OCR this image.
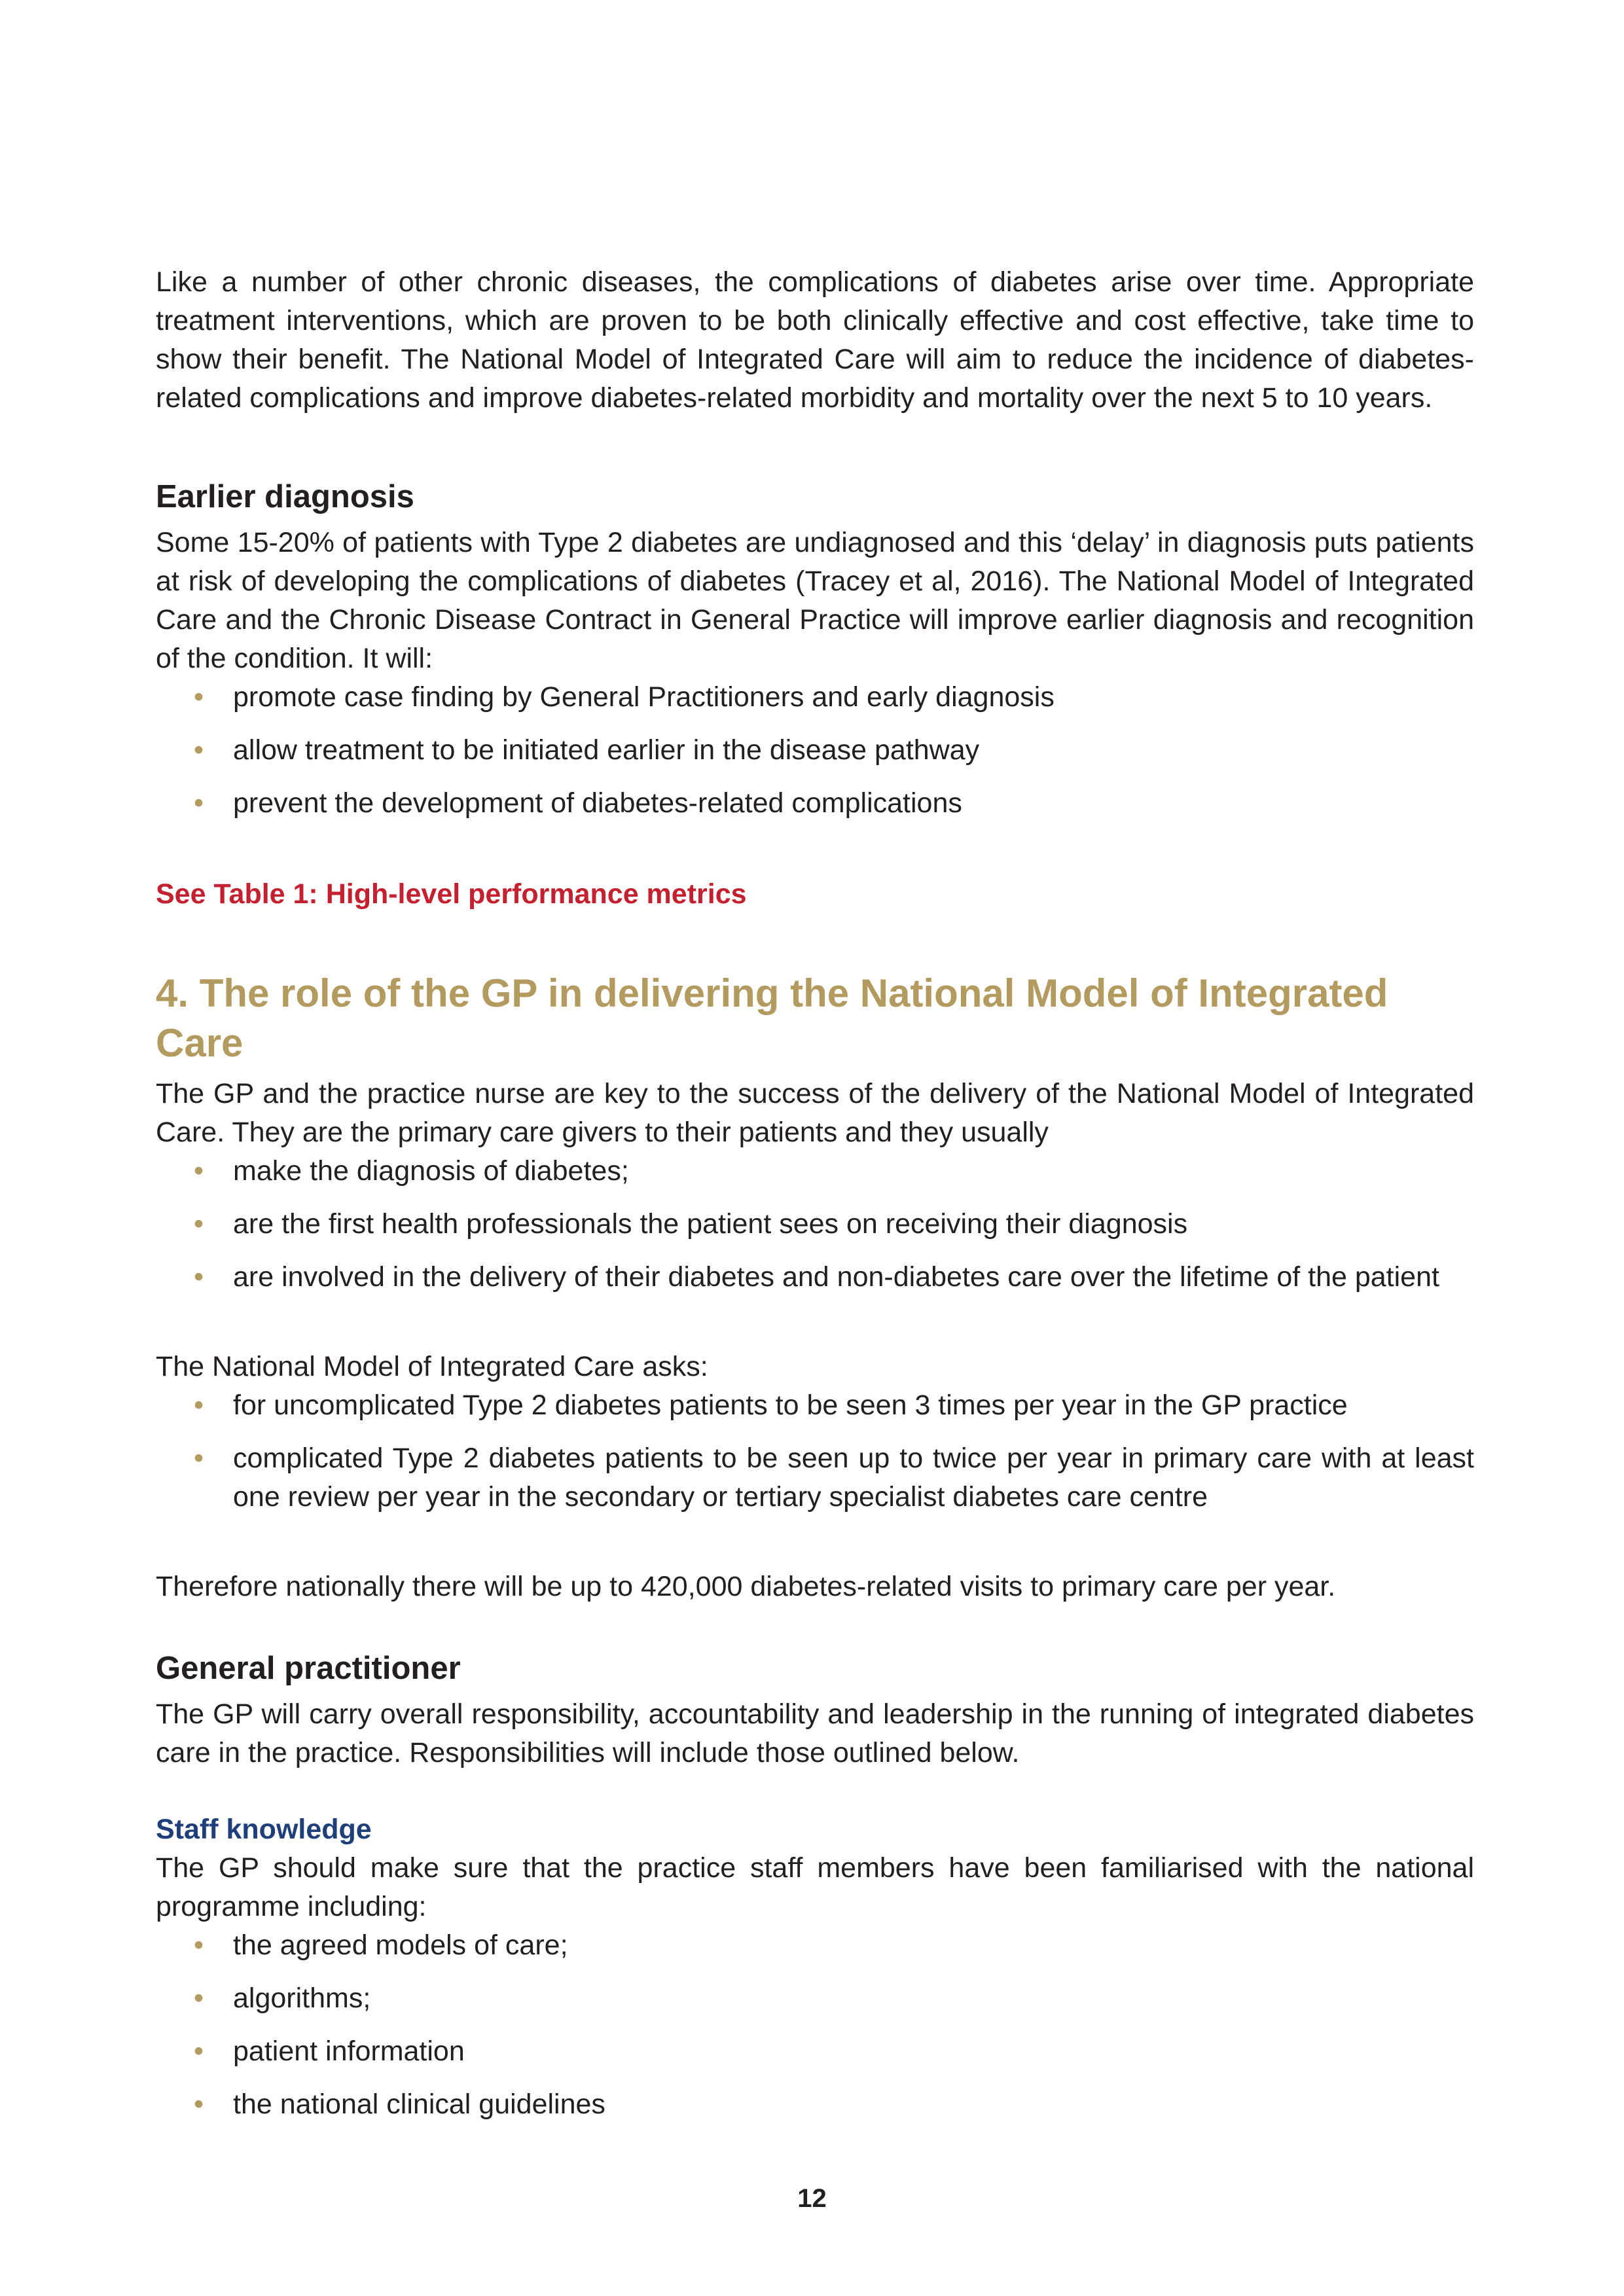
Like a number of other chronic diseases, the complications of diabetes arise over time. Appropriate treatment interventions, which are proven to be both clinically effective and cost effective, take time to show their benefit. The National Model of Integrated Care will aim to reduce the incidence of diabetes-related complications and improve diabetes-related morbidity and mortality over the next 5 to 10 years.

Earlier diagnosis

Some 15-20% of patients with Type 2 diabetes are undiagnosed and this ‘delay’ in diagnosis puts patients at risk of developing the complications of diabetes (Tracey et al, 2016). The National Model of Integrated Care and the Chronic Disease Contract in General Practice will improve earlier diagnosis and recognition of the condition. It will:

• promote case finding by General Practitioners and early diagnosis
• allow treatment to be initiated earlier in the disease pathway
• prevent the development of diabetes-related complications

See Table 1: High-level performance metrics

4. The role of the GP in delivering the National Model of Integrated Care

The GP and the practice nurse are key to the success of the delivery of the National Model of Integrated Care. They are the primary care givers to their patients and they usually

• make the diagnosis of diabetes;
• are the first health professionals the patient sees on receiving their diagnosis
• are involved in the delivery of their diabetes and non-diabetes care over the lifetime of the patient

The National Model of Integrated Care asks:

• for uncomplicated Type 2 diabetes patients to be seen 3 times per year in the GP practice
• complicated Type 2 diabetes patients to be seen up to twice per year in primary care with at least one review per year in the secondary or tertiary specialist diabetes care centre

Therefore nationally there will be up to 420,000 diabetes-related visits to primary care per year.

General practitioner

The GP will carry overall responsibility, accountability and leadership in the running of integrated diabetes care in the practice. Responsibilities will include those outlined below.

Staff knowledge

The GP should make sure that the practice staff members have been familiarised with the national programme including:

• the agreed models of care;
• algorithms;
• patient information
• the national clinical guidelines
12
